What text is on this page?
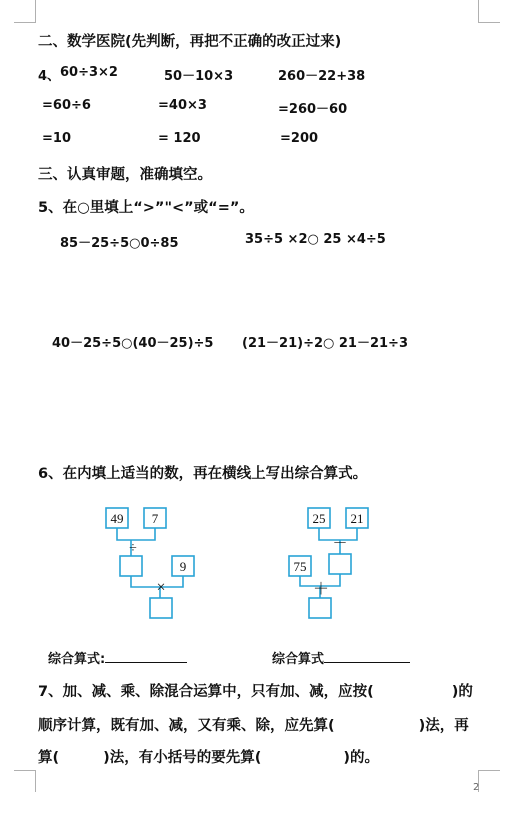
二、数学医院(先判断，再把不正确的改正过来)
4、 60÷3×2	50－10×3	260－22+38
=60÷6	=40×3	=260－60
=10	= 120	=200
三、认真审题，准确填空。
5、在○里填上“>”"<”或“=”。
85－25÷5○0÷85	35÷5 ×2○ 25 ×4÷5
40－25÷5○(40－25)÷5 (21－21)÷2○ 21－21÷3
6、在内填上适当的数，再在横线上写出综合算式。
49 7
÷
9
×
25 21
－
75
＋
综合算式:	综合算式
7、加、减、乘、除混合运算中，只有加、减，应按(	)的
顺序计算，既有加、减，又有乘、除，应先算(	)法，再
算(	)法，有小括号的要先算(	)的。
2
